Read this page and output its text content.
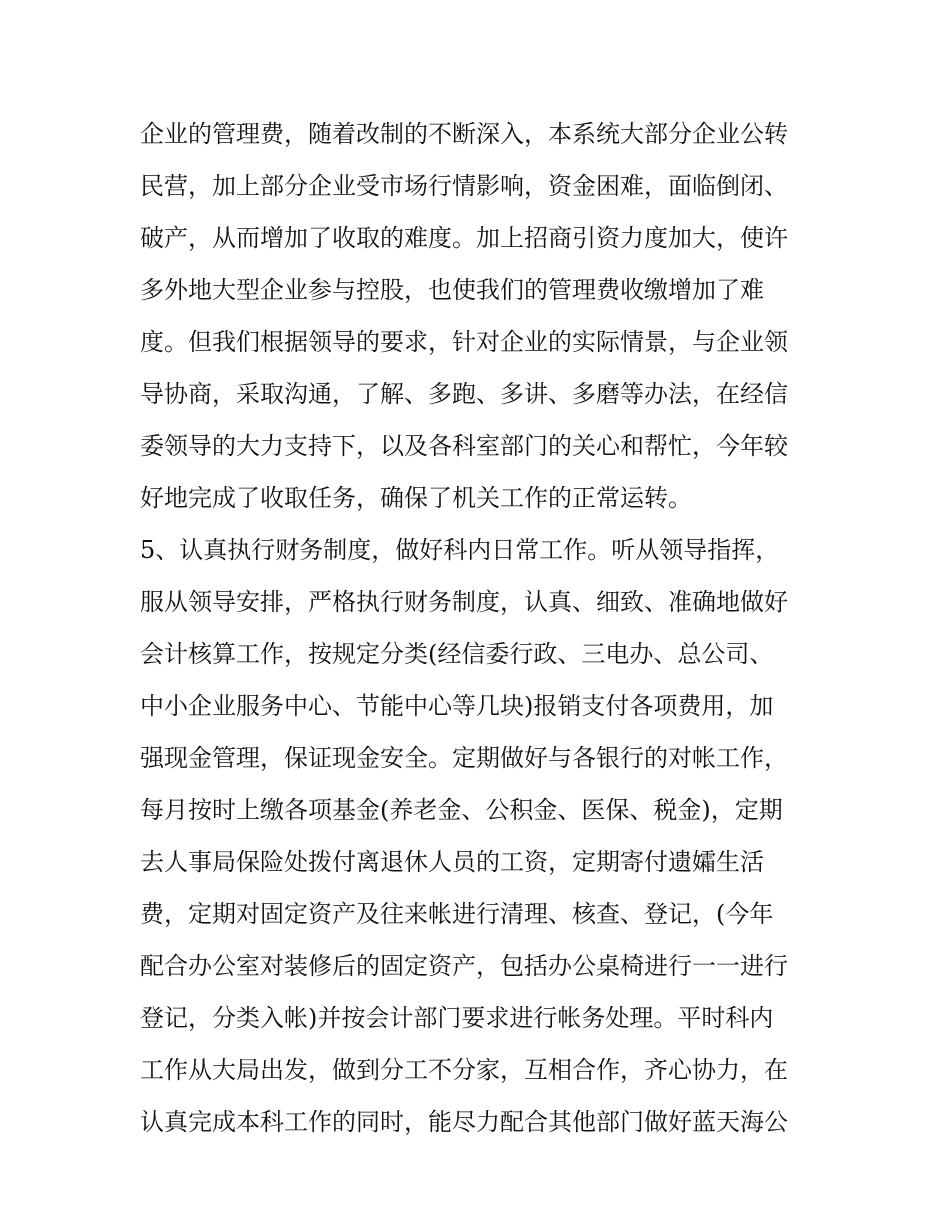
企业的管理费，随着改制的不断深入，本系统大部分企业公转
民营，加上部分企业受市场行情影响，资金困难，面临倒闭、
破产，从而增加了收取的难度。加上招商引资力度加大，使许
多外地大型企业参与控股，也使我们的管理费收缴增加了难
度。但我们根据领导的要求，针对企业的实际情景，与企业领
导协商，采取沟通，了解、多跑、多讲、多磨等办法，在经信
委领导的大力支持下，以及各科室部门的关心和帮忙，今年较
好地完成了收取任务，确保了机关工作的正常运转。
5、认真执行财务制度，做好科内日常工作。听从领导指挥，
服从领导安排，严格执行财务制度，认真、细致、准确地做好
会计核算工作，按规定分类(经信委行政、三电办、总公司、
中小企业服务中心、节能中心等几块)报销支付各项费用，加
强现金管理，保证现金安全。定期做好与各银行的对帐工作，
每月按时上缴各项基金(养老金、公积金、医保、税金)，定期
去人事局保险处拨付离退休人员的工资，定期寄付遗孀生活
费，定期对固定资产及往来帐进行清理、核查、登记，(今年
配合办公室对装修后的固定资产，包括办公桌椅进行一一进行
登记，分类入帐)并按会计部门要求进行帐务处理。平时科内
工作从大局出发，做到分工不分家，互相合作，齐心协力，在
认真完成本科工作的同时，能尽力配合其他部门做好蓝天海公
